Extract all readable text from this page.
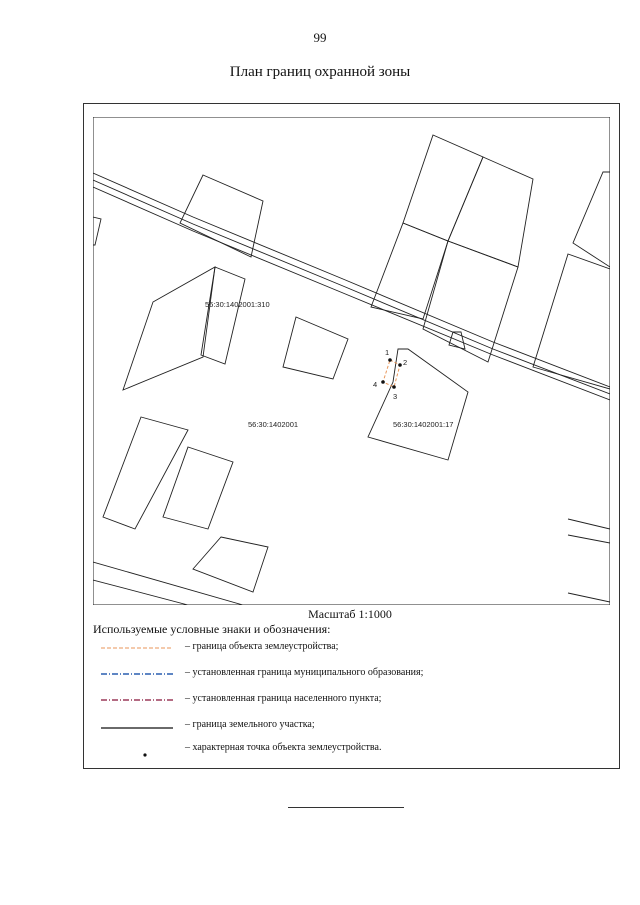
99
План границ охранной зоны
1
2
3
4
56:30:1402001:310
56:30:1402001	56:30:1402001:17
Масштаб 1:1000
Используемые условные знаки и обозначения:
– граница объекта землеустройства;
– установленная граница муниципального образования;
– установленная граница населенного пункта;
– граница земельного участка;
– характерная точка объекта землеустройства.
